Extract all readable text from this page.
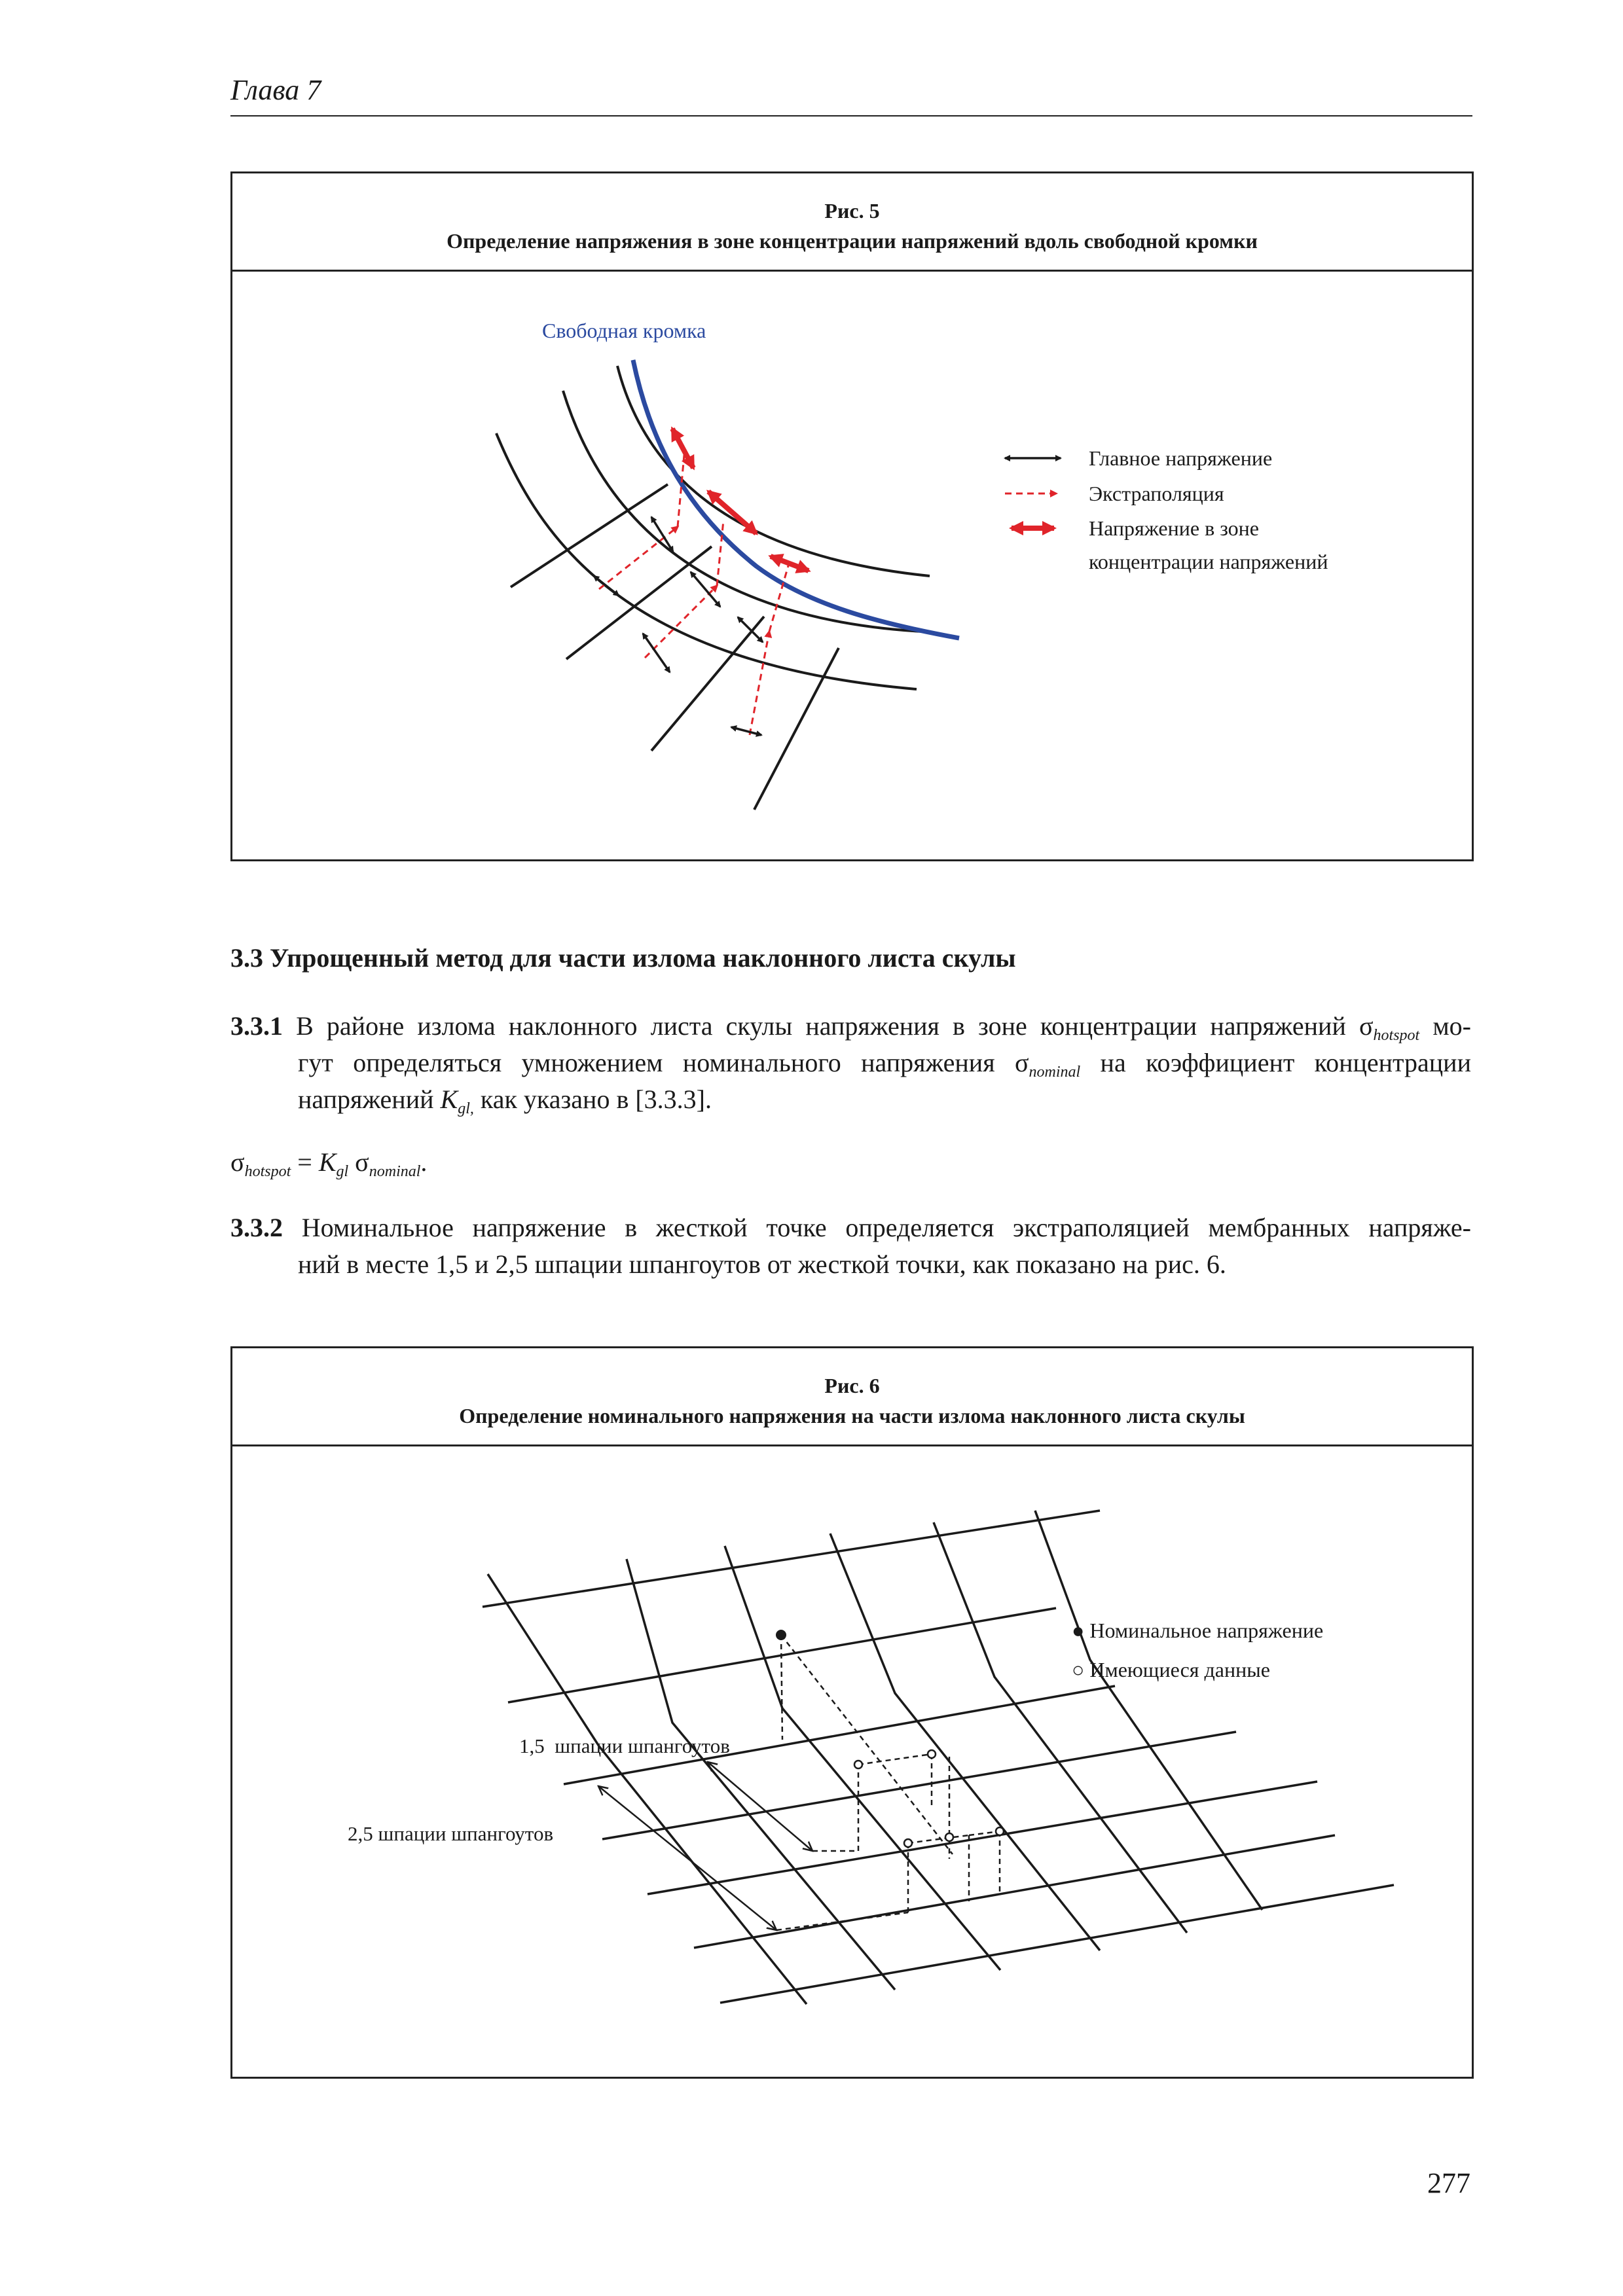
Глава 7
Рис. 5
Определение напряжения в зоне концентрации напряжений вдоль свободной кромки
Свободная кромка
Главное напряжение
Экстраполяция
Напряжение в зоне
концентрации напряжений
3.3 Упрощенный метод для части излома наклонного листа скулы
3.3.1 В районе излома наклонного листа скулы напряжения в зоне концентрации напряжений $\sigma_{hotspot}$ мо-
гут определяться умножением номинального напряжения $\sigma_{nominal}$ на коэффициент концентрации
напряжений $K_{gl,}$ как указано в [3.3.3].
$\sigma_{hotspot} = K_{gl}$ $\sigma_{nominal}$.
3.3.2 Номинальное напряжение в жесткой точке определяется экстраполяцией мембранных напряже-
ний в месте 1,5 и 2,5 шпации шпангоутов от жесткой точки, как показано на рис. 6.
Рис. 6
Определение номинального напряжения на части излома наклонного листа скулы
1,5  шпации шпангоутов
2,5 шпации шпангоутов
● Номинальное напряжение
○ Имеющиеся данные
277
